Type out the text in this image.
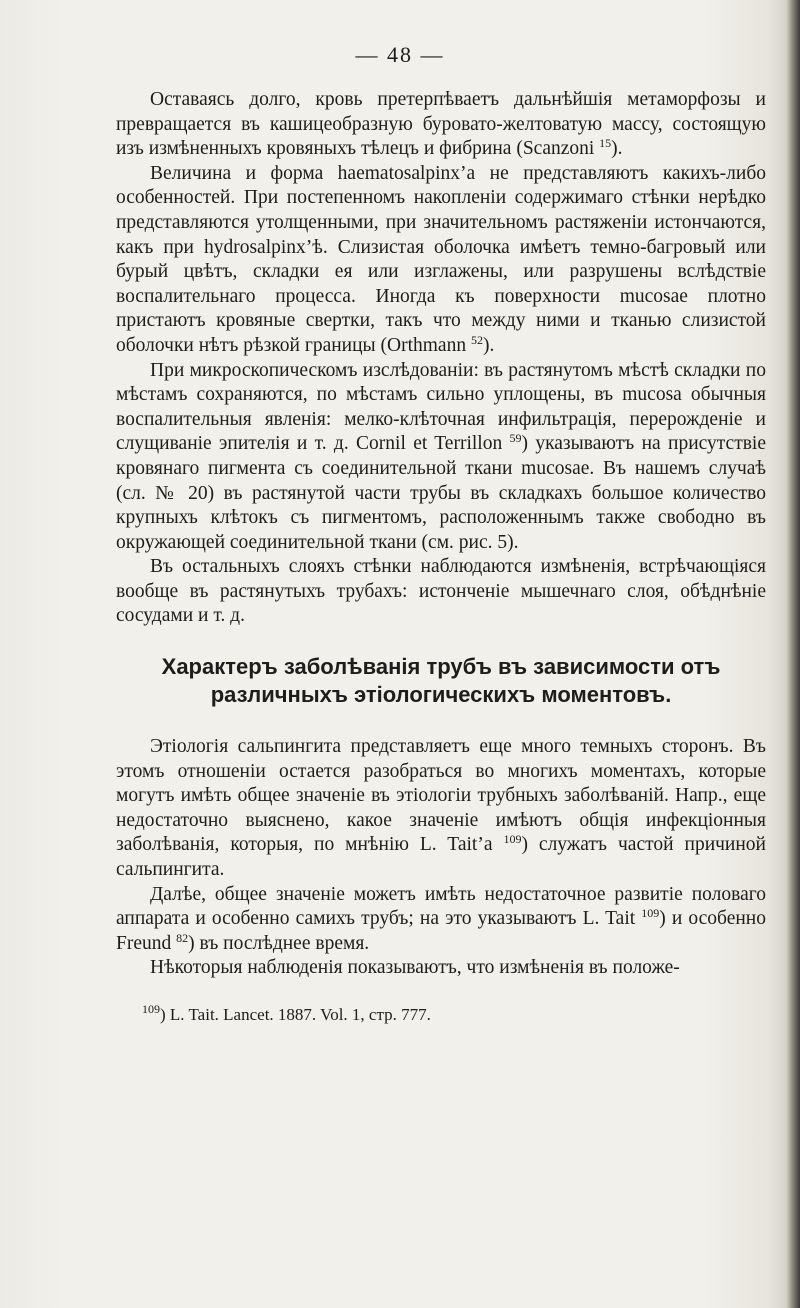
— 48 —

Оставаясь долго, кровь претерпѣваетъ дальнѣйшія метаморфозы и превращается въ кашицеобразную буровато-желтоватую массу, состоящую изъ измѣненныхъ кровяныхъ тѣлецъ и фибрина (Scanzoni $^{15}$).

Величина и форма haematosalpinx’а не представляютъ какихъ-либо особенностей. При постепенномъ накопленіи содержимаго стѣнки нерѣдко представляются утолщенными, при значительномъ растяженіи истончаются, какъ при hydrosalpinx’ѣ. Слизистая оболочка имѣетъ темно-багровый или бурый цвѣтъ, складки ея или изглажены, или разрушены вслѣдствіе воспалительнаго процесса. Иногда къ поверхности mucosae плотно пристаютъ кровяные свертки, такъ что между ними и тканью слизистой оболочки нѣтъ рѣзкой границы (Orthmann $^{52}$).

При микроскопическомъ изслѣдованіи: въ растянутомъ мѣстѣ складки по мѣстамъ сохраняются, по мѣстамъ сильно уплощены, въ mucosa обычныя воспалительныя явленія: мелко-клѣточная инфильтрація, перерожденіе и слущиваніе эпителія и т. д. Cornil et Terrillon $^{59}$) указываютъ на присутствіе кровянаго пигмента съ соединительной ткани mucosae. Въ нашемъ случаѣ (сл. № 20) въ растянутой части трубы въ складкахъ большое количество крупныхъ клѣтокъ съ пигментомъ, расположеннымъ также свободно въ окружающей соединительной ткани (см. рис. 5).

Въ остальныхъ слояхъ стѣнки наблюдаются измѣненія, встрѣчающіяся вообще въ растянутыхъ трубахъ: истонченіе мышечнаго слоя, обѣднѣніе сосудами и т. д.

Характеръ заболѣванія трубъ въ зависимости отъ различныхъ этіологическихъ моментовъ.

Этіологія сальпингита представляетъ еще много темныхъ сторонъ. Въ этомъ отношеніи остается разобраться во многихъ моментахъ, которые могутъ имѣть общее значеніе въ этіологіи трубныхъ заболѣваній. Напр., еще недостаточно выяснено, какое значеніе имѣютъ общія инфекціонныя заболѣванія, которыя, по мнѣнію L. Tait’а $^{109}$) служатъ частой причиной сальпингита.

Далѣе, общее значеніе можетъ имѣть недостаточное развитіе половаго аппарата и особенно самихъ трубъ; на это указываютъ L. Tait $^{109}$) и особенно Freund $^{82}$) въ послѣднее время.

Нѣкоторыя наблюденія показываютъ, что измѣненія въ положе-

$^{109}$) L. Tait. Lancet. 1887. Vol. 1, стр. 777.
